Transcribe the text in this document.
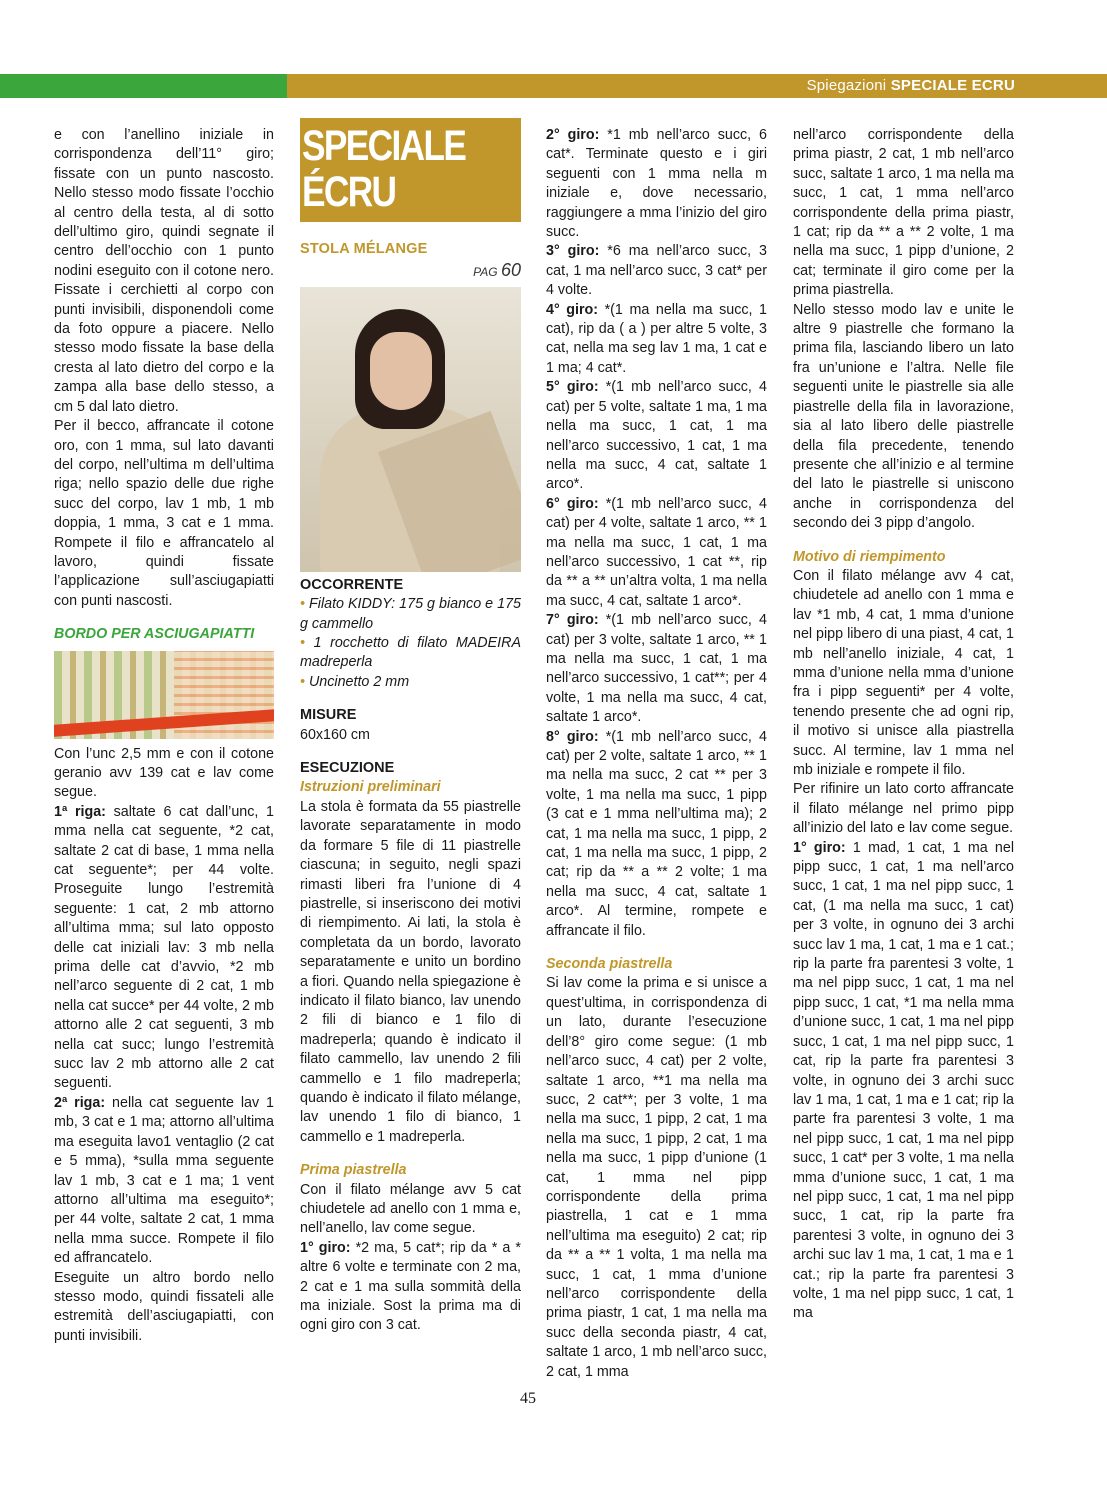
Spiegazioni SPECIALE ECRU

e con l’anellino iniziale in corrispondenza dell’11° giro; fissate con un punto nascosto. Nello stesso modo fissate l’occhio al centro della testa, al di sotto dell’ultimo giro, quindi segnate il centro dell’occhio con 1 punto nodini eseguito con il cotone nero. Fissate i cerchietti al corpo con punti invisibili, disponendoli come da foto oppure a piacere. Nello stesso modo fissate la base della cresta al lato dietro del corpo e la zampa alla base dello stesso, a cm 5 dal lato dietro.

Per il becco, affrancate il cotone oro, con 1 mma, sul lato davanti del corpo, nell’ultima m dell’ultima riga; nello spazio delle due righe succ del corpo, lav 1 mb, 1 mb doppia, 1 mma, 3 cat e 1 mma. Rompete il filo e affrancatelo al lavoro, quindi fissate l’applicazione sull’asciugapiatti con punti nascosti.

BORDO PER ASCIUGAPIATTI

Con l’unc 2,5 mm e con il cotone geranio avv 139 cat e lav come segue.

1ª riga: saltate 6 cat dall’unc, 1 mma nella cat seguente, *2 cat, saltate 2 cat di base, 1 mma nella cat seguente*; per 44 volte. Proseguite lungo l’estremità seguente: 1 cat, 2 mb attorno all’ultima mma; sul lato opposto delle cat iniziali lav: 3 mb nella prima delle cat d’avvio, *2 mb nell’arco seguente di 2 cat, 1 mb nella cat succe* per 44 volte, 2 mb attorno alle 2 cat seguenti, 3 mb nella cat succ; lungo l’estremità succ lav 2 mb attorno alle 2 cat seguenti.

2ª riga: nella cat seguente lav 1 mb, 3 cat e 1 ma; attorno all’ultima ma eseguita lavo1 ventaglio (2 cat e 5 mma), *sulla mma seguente lav 1 mb, 3 cat e 1 ma; 1 vent attorno all’ultima ma eseguito*; per 44 volte, saltate 2 cat, 1 mma nella mma succe. Rompete il filo ed affrancatelo.

Eseguite un altro bordo nello stesso modo, quindi fissateli alle estremità dell’asciugapiatti, con punti invisibili.

SPECIALE
ÉCRU
STOLA MÉLANGE
PAG 60
OCCORRENTE
• Filato KIDDY: 175 g bianco e 175 g cammello
• 1 rocchetto di filato MADEIRA madreperla
• Uncinetto 2 mm
MISURE

60x160 cm

ESECUZIONE
Istruzioni preliminari

La stola è formata da 55 piastrelle lavorate separatamente in modo da formare 5 file di 11 piastrelle ciascuna; in seguito, negli spazi rimasti liberi fra l’unione di 4 piastrelle, si inseriscono dei motivi di riempimento. Ai lati, la stola è completata da un bordo, lavorato separatamente e unito un bordino a fiori. Quando nella spiegazione è indicato il filato bianco, lav unendo 2 fili di bianco e 1 filo di madreperla; quando è indicato il filato cammello, lav unendo 2 fili cammello e 1 filo madreperla; quando è indicato il filato mélange, lav unendo 1 filo di bianco, 1 cammello e 1 madreperla.

Prima piastrella

Con il filato mélange avv 5 cat chiudetele ad anello con 1 mma e, nell’anello, lav come segue.

1° giro: *2 ma, 5 cat*; rip da * a * altre 6 volte e terminate con 2 ma, 2 cat e 1 ma sulla sommità della ma iniziale. Sost la prima ma di ogni giro con 3 cat.

2° giro: *1 mb nell’arco succ, 6 cat*. Terminate questo e i giri seguenti con 1 mma nella m iniziale e, dove necessario, raggiungere a mma l’inizio del giro succ.

3° giro: *6 ma nell’arco succ, 3 cat, 1 ma nell’arco succ, 3 cat* per 4 volte.

4° giro: *(1 ma nella ma succ, 1 cat), rip da ( a ) per altre 5 volte, 3 cat, nella ma seg lav 1 ma, 1 cat e 1 ma; 4 cat*.

5° giro: *(1 mb nell’arco succ, 4 cat) per 5 volte, saltate 1 ma, 1 ma nella ma succ, 1 cat, 1 ma nell’arco successivo, 1 cat, 1 ma nella ma succ, 4 cat, saltate 1 arco*.

6° giro: *(1 mb nell’arco succ, 4 cat) per 4 volte, saltate 1 arco, ** 1 ma nella ma succ, 1 cat, 1 ma nell’arco successivo, 1 cat **, rip da ** a ** un’altra volta, 1 ma nella ma succ, 4 cat, saltate 1 arco*.

7° giro: *(1 mb nell’arco succ, 4 cat) per 3 volte, saltate 1 arco, ** 1 ma nella ma succ, 1 cat, 1 ma nell’arco successivo, 1 cat**; per 4 volte, 1 ma nella ma succ, 4 cat, saltate 1 arco*.

8° giro: *(1 mb nell’arco succ, 4 cat) per 2 volte, saltate 1 arco, ** 1 ma nella ma succ, 2 cat ** per 3 volte, 1 ma nella ma succ, 1 pipp (3 cat e 1 mma nell’ultima ma); 2 cat, 1 ma nella ma succ, 1 pipp, 2 cat, 1 ma nella ma succ, 1 pipp, 2 cat; rip da ** a ** 2 volte; 1 ma nella ma succ, 4 cat, saltate 1 arco*. Al termine, rompete e affrancate il filo.

Seconda piastrella

Si lav come la prima e si unisce a quest’ultima, in corrispondenza di un lato, durante l’esecuzione dell’8° giro come segue: (1 mb nell’arco succ, 4 cat) per 2 volte, saltate 1 arco, **1 ma nella ma succ, 2 cat**; per 3 volte, 1 ma nella ma succ, 1 pipp, 2 cat, 1 ma nella ma succ, 1 pipp, 2 cat, 1 ma nella ma succ, 1 pipp d’unione (1 cat, 1 mma nel pipp corrispondente della prima piastrella, 1 cat e 1 mma nell’ultima ma eseguito) 2 cat; rip da ** a ** 1 volta, 1 ma nella ma succ, 1 cat, 1 mma d’unione nell’arco corrispondente della prima piastr, 1 cat, 1 ma nella ma succ della seconda piastr, 4 cat, saltate 1 arco, 1 mb nell’arco succ, 2 cat, 1 mma

nell’arco corrispondente della prima piastr, 2 cat, 1 mb nell’arco succ, saltate 1 arco, 1 ma nella ma succ, 1 cat, 1 mma nell’arco corrispondente della prima piastr, 1 cat; rip da ** a ** 2 volte, 1 ma nella ma succ, 1 pipp d’unione, 2 cat; terminate il giro come per la prima piastrella.

Nello stesso modo lav e unite le altre 9 piastrelle che formano la prima fila, lasciando libero un lato fra un’unione e l’altra. Nelle file seguenti unite le piastrelle sia alle piastrelle della fila in lavorazione, sia al lato libero delle piastrelle della fila precedente, tenendo presente che all’inizio e al termine del lato le piastrelle si uniscono anche in corrispondenza del secondo dei 3 pipp d’angolo.

Motivo di riempimento

Con il filato mélange avv 4 cat, chiudetele ad anello con 1 mma e lav *1 mb, 4 cat, 1 mma d’unione nel pipp libero di una piast, 4 cat, 1 mb nell’anello iniziale, 4 cat, 1 mma d’unione nella mma d’unione fra i pipp seguenti* per 4 volte, tenendo presente che ad ogni rip, il motivo si unisce alla piastrella succ. Al termine, lav 1 mma nel mb iniziale e rompete il filo.

Per rifinire un lato corto affrancate il filato mélange nel primo pipp all’inizio del lato e lav come segue.

1° giro: 1 mad, 1 cat, 1 ma nel pipp succ, 1 cat, 1 ma nell’arco succ, 1 cat, 1 ma nel pipp succ, 1 cat, (1 ma nella ma succ, 1 cat) per 3 volte, in ognuno dei 3 archi succ lav 1 ma, 1 cat, 1 ma e 1 cat.; rip la parte fra parentesi 3 volte, 1 ma nel pipp succ, 1 cat, 1 ma nel pipp succ, 1 cat, *1 ma nella mma d’unione succ, 1 cat, 1 ma nel pipp succ, 1 cat, 1 ma nel pipp succ, 1 cat, rip la parte fra parentesi 3 volte, in ognuno dei 3 archi succ lav 1 ma, 1 cat, 1 ma e 1 cat; rip la parte fra parentesi 3 volte, 1 ma nel pipp succ, 1 cat, 1 ma nel pipp succ, 1 cat* per 3 volte, 1 ma nella mma d’unione succ, 1 cat, 1 ma nel pipp succ, 1 cat, 1 ma nel pipp succ, 1 cat, rip la parte fra parentesi 3 volte, in ognuno dei 3 archi suc lav 1 ma, 1 cat, 1 ma e 1 cat.; rip la parte fra parentesi 3 volte, 1 ma nel pipp succ, 1 cat, 1 ma

45
